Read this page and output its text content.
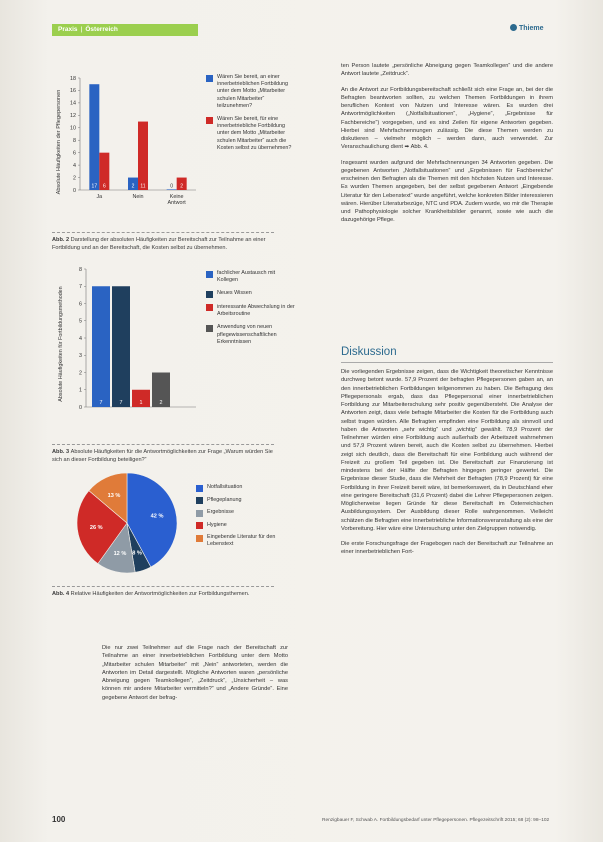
Praxis | Österreich	Thieme
Absolute Häufigkeiten der Pflegepersonen 0
2
4
6
8
10
12
14
16
18
17 6
Ja
2 11
Nein
0 2
Keine
Antwort
Wären Sie bereit, an einer innerbetrieblichen Fortbildung unter dem Motto „Mitarbeiter schulen Mitarbeiter“ teilzunehmen?
Wären Sie bereit, für eine innerbetriebliche Fortbildung unter dem Motto „Mitarbeiter schulen Mitarbeiter“ auch die Kosten selbst zu übernehmen?
Abb. 2 Darstellung der absoluten Häufigkeiten zur Bereitschaft zur Teilnahme an einer Fortbildung und an der Bereitschaft, die Kosten selbst zu übernehmen.
Absolute Häufigkeiten für Fortbildungsmethoden
0
1
2
3
4
5
6
7
8
7	7	1	2
fachlicher Austausch mit Kollegen
Neues Wissen
interessante Abwechslung in der Arbeitsroutine
Anwendung von neuen pflegewissenschaftlichen Erkenntnissen
Abb. 3 Absolute Häufigkeiten für die Antwortmöglichkeiten zur Frage „Warum würden Sie sich an dieser Fortbildung beteiligen?“
42 %
8 %
12 %
26 %
13 %
Notfallsituation
Pflegeplanung
Ergebnisse
Hygiene
Eingebende Literatur für den Lebenstext
Abb. 4 Relative Häufigkeiten der Antwortmöglichkeiten zur Fortbildungsthemen.

Die nur zwei Teilnehmer auf die Frage nach der Bereitschaft zur Teilnahme an einer innerbetrieblichen Fortbildung unter dem Motto „Mitarbeiter schulen Mitarbeiter“ mit „Nein“ antworteten, werden die Antworten im Detail dargestellt. Mögliche Antworten waren „persönliche Abneigung gegen Teamkollegen“, „Zeitdruck“, „Unsicherheit – was können mir andere Mitarbeiter vermitteln?“ und „Andere Gründe“. Eine gegebene Antwort der befrag-

ten Person lautete „persönliche Abneigung gegen Teamkollegen“ und die andere Antwort lautete „Zeitdruck“.

An die Antwort zur Fortbildungsbereitschaft schließt sich eine Frage an, bei der die Befragten beantworten sollten, zu welchen Themen Fortbildungen in ihrem beruflichen Kontext von Nutzen und Interesse wären. Es wurden drei Antwortmöglichkeiten („Notfallsituationen“, „Hygiene“, „Ergebnisse für Fachbereiche“) vorgegeben, und es sind Zeilen für eigene Antworten gegeben. Hierbei sind Mehrfachnennungen zulässig. Die diese Themen werden zu diskutieren – vielmehr möglich – werden dann, auch verwendet. Zur Veranschaulichung dient ➡ Abb. 4.

Insgesamt wurden aufgrund der Mehrfachnennungen 34 Antworten gegeben. Die gegebenen Antworten „Notfallsituationen“ und „Ergebnissen für Fachbereiche“ erscheinen den Befragten als die Themen mit den höchsten Nutzen und Interesse. Es wurden Themen angegeben, bei der selbst gegebenen Antwort „Eingebende Literatur für den Lebenstext“ wurde angeführt, welche konkreten Bilder interessieren wären. Hierüber Literaturbezüge, NTC und PDA. Zudem wurde, wo mir die Therapie und Pathophysiologie solcher Krankheitsbilder genannt, sowie wie auch die dazugehörige Pflege.

Diskussion

Die vorliegenden Ergebnisse zeigen, dass die Wichtigkeit theoretischer Kenntnisse durchweg betont wurde. 57,9 Prozent der befragten Pflegepersonen gaben an, an den innerbetrieblichen Fortbildungen teilgenommen zu haben. Die Befragung des Pflegepersonals ergab, dass das Pflegepersonal einer innerbetrieblichen Fortbildung zur Mitarbeiterschulung sehr positiv gegenübersteht. Die Analyse der Antworten zeigt, dass viele befragte Mitarbeiter die Kosten für die Fortbildung auch selbst tragen würden. Alle Befragten empfinden eine Fortbildung als sinnvoll und haben die Antworten „sehr wichtig“ und „wichtig“ gewählt. 78,9 Prozent der Teilnehmer würden eine Fortbildung auch außerhalb der Arbeitszeit wahrnehmen und 57,9 Prozent wären bereit, auch die Kosten selbst zu übernehmen. Hierbei zeigt sich deutlich, dass die Bereitschaft für eine Fortbildung auch während der Freizeit zu großem Teil gegeben ist. Die Bereitschaft zur Finanzierung ist mindestens bei der Hälfte der Befragten hingegen geringer gewertet. Die Ergebnisse dieser Studie, dass die Mehrheit der Befragten (78,9 Prozent) für eine Fortbildung in ihrer Freizeit bereit wäre, ist bemerkenswert, da in Deutschland eher eine geringere Bereitschaft (31,6 Prozent) dabei die Lehrer Pflegepersonen zeigen. Möglicherweise liegen Gründe für diese Bereitschaft im Österreichischen Ausbildungssystem. Der Ausbildung dieser Rolle wahrgenommen. Vielleicht schätzen die Befragten eine innerbetriebliche Informationsveranstaltung als eine der Vorbereitung. Hier wäre eine Untersuchung unter den Zielgruppen notwendig.

Die erste Forschungsfrage der Fragebogen nach der Bereitschaft zur Teilnahme an einer innerbetrieblichen Fort-

100	Renzigbauer F, Schwab A. Fortbildungsbedarf unter Pflegepersonen. Pflegezeitschrift 2015; 68 (2): 98–102
